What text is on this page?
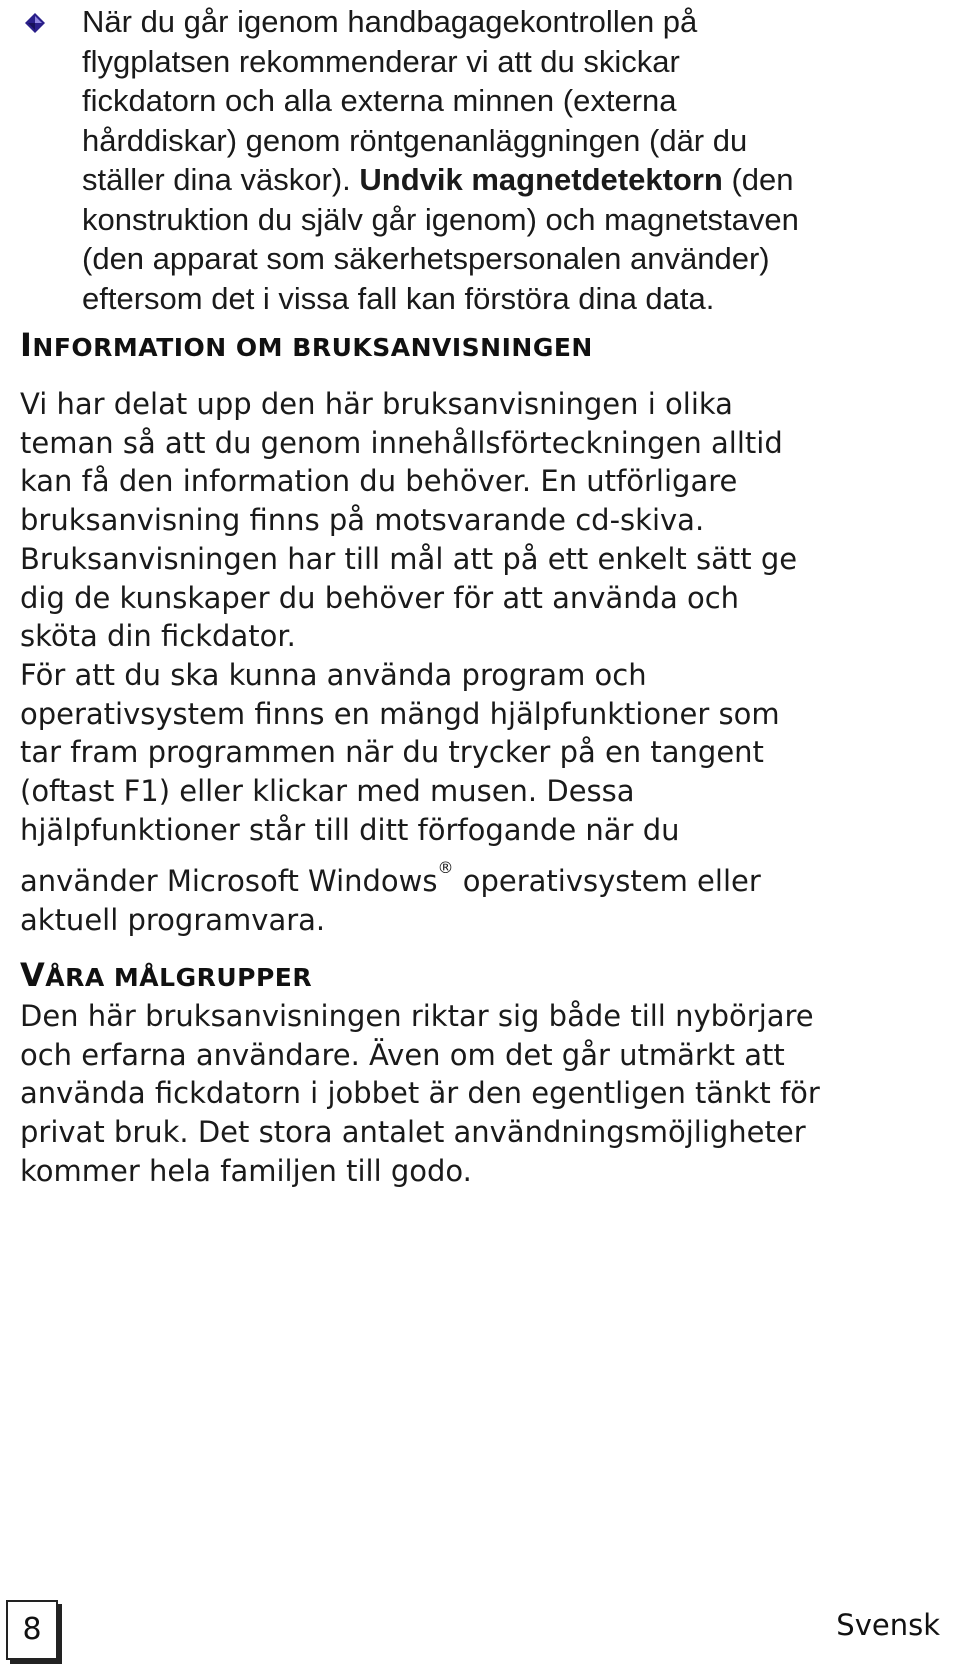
När du går igenom handbagagekontrollen på
flygplatsen rekommenderar vi att du skickar
fickdatorn och alla externa minnen (externa
hårddiskar) genom röntgenanläggningen (där du
ställer dina väskor). Undvik magnetdetektorn (den
konstruktion du själv går igenom) och magnetstaven
(den apparat som säkerhetspersonalen använder)
eftersom det i vissa fall kan förstöra dina data.
INFORMATION OM BRUKSANVISNINGEN
Vi har delat upp den här bruksanvisningen i olika
teman så att du genom innehållsförteckningen alltid
kan få den information du behöver. En utförligare
bruksanvisning finns på motsvarande cd-skiva.
Bruksanvisningen har till mål att på ett enkelt sätt ge
dig de kunskaper du behöver för att använda och
sköta din fickdator.
För att du ska kunna använda program och
operativsystem finns en mängd hjälpfunktioner som
tar fram programmen när du trycker på en tangent
(oftast F1) eller klickar med musen. Dessa
hjälpfunktioner står till ditt förfogande när du
använder Microsoft Windows® operativsystem eller
aktuell programvara.
VÅRA MÅLGRUPPER
Den här bruksanvisningen riktar sig både till nybörjare
och erfarna användare. Även om det går utmärkt att
använda fickdatorn i jobbet är den egentligen tänkt för
privat bruk. Det stora antalet användningsmöjligheter
kommer hela familjen till godo.
8	Svensk
